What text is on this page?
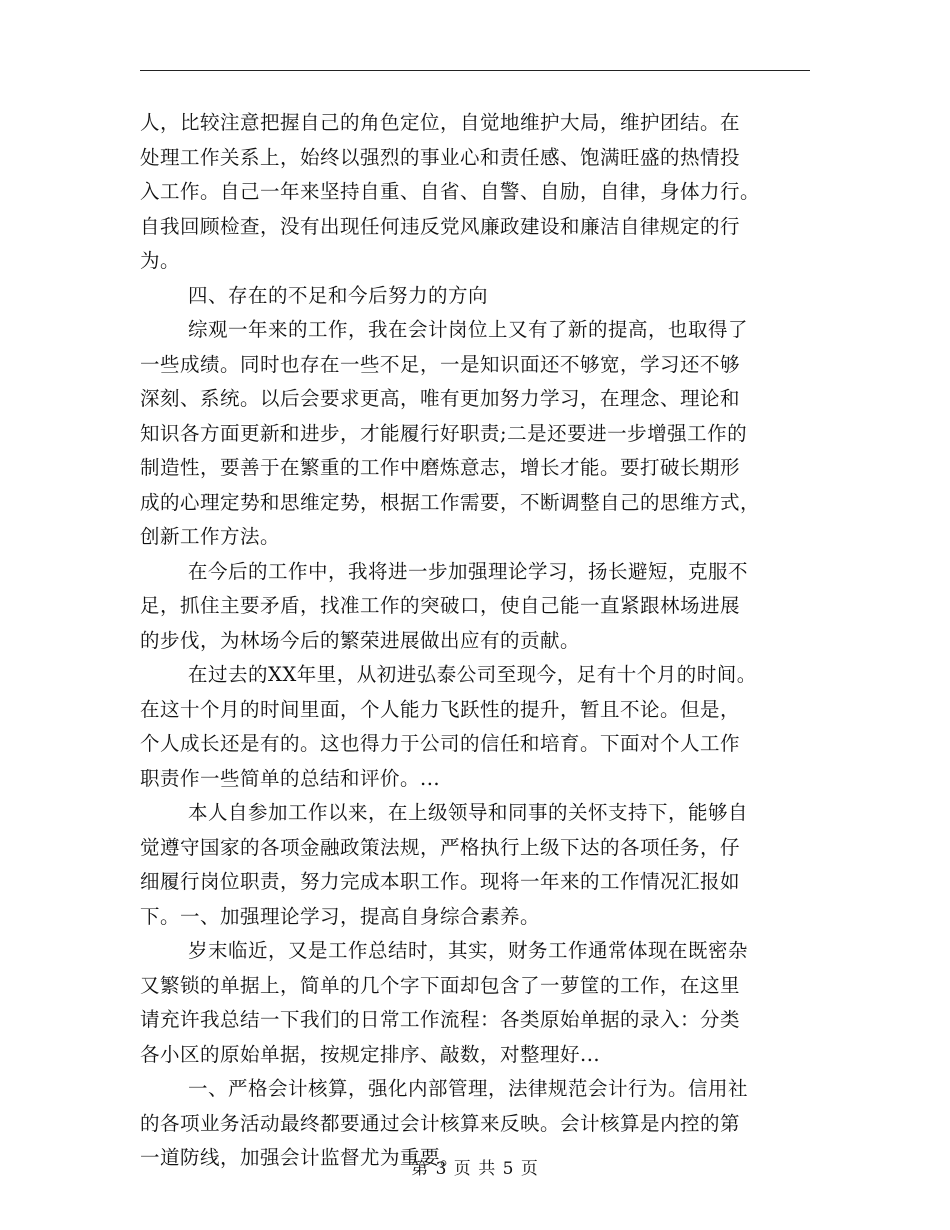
人，比较注意把握自己的角色定位，自觉地维护大局，维护团结。在
处理工作关系上，始终以强烈的事业心和责任感、饱满旺盛的热情投
入工作。自己一年来坚持自重、自省、自警、自励，自律，身体力行。
自我回顾检查，没有出现任何违反党风廉政建设和廉洁自律规定的行
为。

四、存在的不足和今后努力的方向

综观一年来的工作，我在会计岗位上又有了新的提高，也取得了
一些成绩。同时也存在一些不足，一是知识面还不够宽，学习还不够
深刻、系统。以后会要求更高，唯有更加努力学习，在理念、理论和
知识各方面更新和进步，才能履行好职责;二是还要进一步增强工作的
制造性，要善于在繁重的工作中磨炼意志，增长才能。要打破长期形
成的心理定势和思维定势，根据工作需要，不断调整自己的思维方式，
创新工作方法。

在今后的工作中，我将进一步加强理论学习，扬长避短，克服不
足，抓住主要矛盾，找准工作的突破口，使自己能一直紧跟林场进展
的步伐，为林场今后的繁荣进展做出应有的贡献。

在过去的XX年里，从初进弘泰公司至现今，足有十个月的时间。
在这十个月的时间里面，个人能力飞跃性的提升，暂且不论。但是，
个人成长还是有的。这也得力于公司的信任和培育。下面对个人工作
职责作一些简单的总结和评价。...

本人自参加工作以来，在上级领导和同事的关怀支持下，能够自
觉遵守国家的各项金融政策法规，严格执行上级下达的各项任务，仔
细履行岗位职责，努力完成本职工作。现将一年来的工作情况汇报如
下。一、加强理论学习，提高自身综合素养。

岁末临近，又是工作总结时，其实，财务工作通常体现在既密杂
又繁锁的单据上，简单的几个字下面却包含了一萝筐的工作，在这里
请充许我总结一下我们的日常工作流程：各类原始单据的录入：分类
各小区的原始单据，按规定排序、敲数，对整理好...

一、严格会计核算，强化内部管理，法律规范会计行为。信用社
的各项业务活动最终都要通过会计核算来反映。会计核算是内控的第
一道防线，加强会计监督尤为重要。

第 3 页 共 5 页
